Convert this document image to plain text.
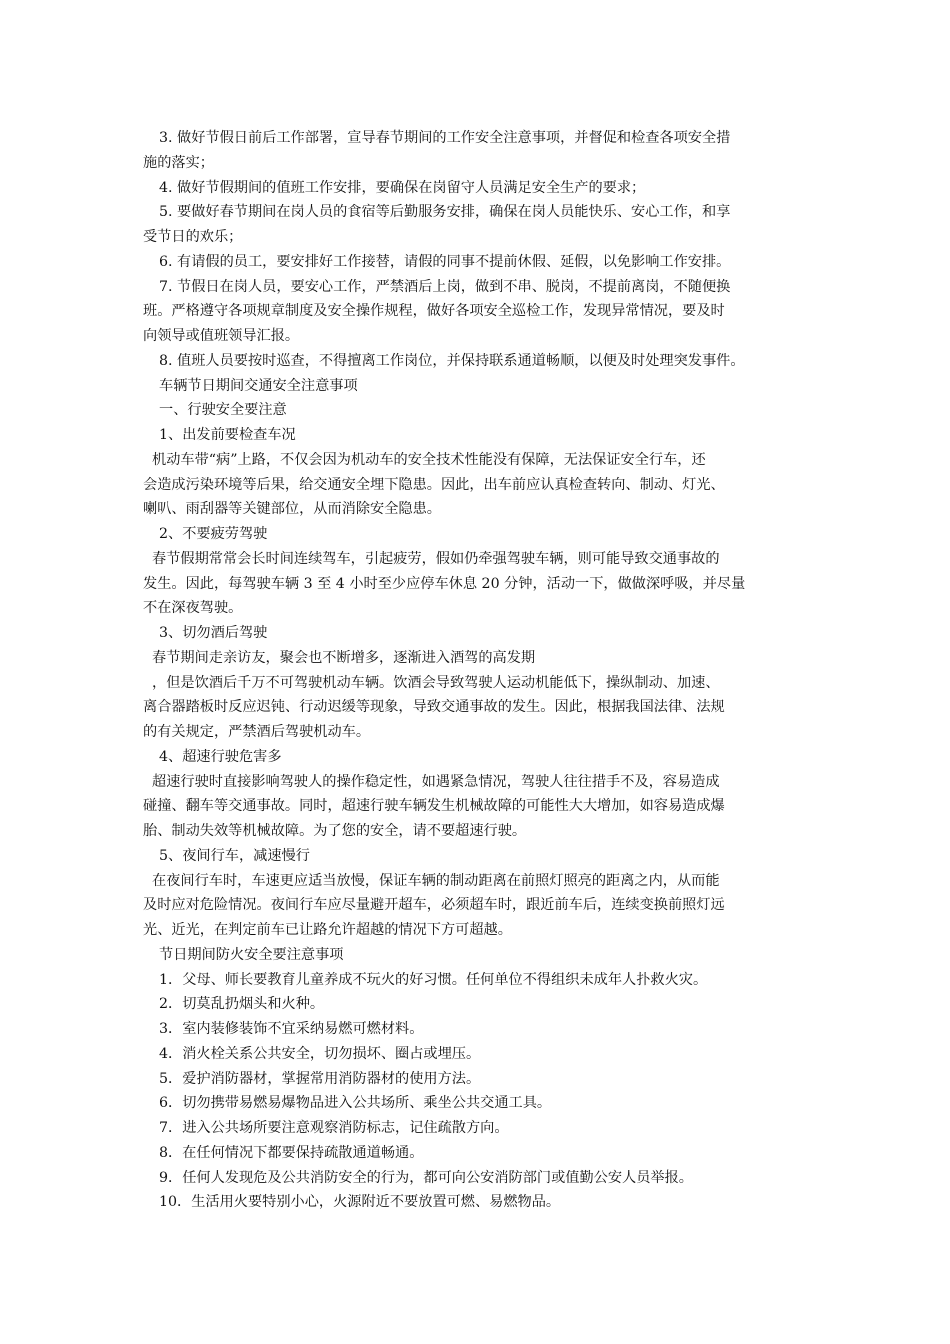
3. 做好节假日前后工作部署，宣导春节期间的工作安全注意事项，并督促和检查各项安全措
施的落实；
4. 做好节假期间的值班工作安排，要确保在岗留守人员满足安全生产的要求；
5. 要做好春节期间在岗人员的食宿等后勤服务安排，确保在岗人员能快乐、安心工作，和享
受节日的欢乐；
6. 有请假的员工，要安排好工作接替，请假的同事不提前休假、延假，以免影响工作安排。
7. 节假日在岗人员，要安心工作，严禁酒后上岗，做到不串、脱岗，不提前离岗，不随便换
班。严格遵守各项规章制度及安全操作规程，做好各项安全巡检工作，发现异常情况，要及时
向领导或值班领导汇报。
8. 值班人员要按时巡查，不得擅离工作岗位，并保持联系通道畅顺，以便及时处理突发事件。
车辆节日期间交通安全注意事项
一、行驶安全要注意
1、出发前要检查车况
机动车带“病”上路，不仅会因为机动车的安全技术性能没有保障，无法保证安全行车，还
会造成污染环境等后果，给交通安全埋下隐患。因此，出车前应认真检查转向、制动、灯光、
喇叭、雨刮器等关键部位，从而消除安全隐患。
2、不要疲劳驾驶
春节假期常常会长时间连续驾车，引起疲劳，假如仍牵强驾驶车辆，则可能导致交通事故的
发生。因此，每驾驶车辆 3 至 4 小时至少应停车休息 20 分钟，活动一下，做做深呼吸，并尽量
不在深夜驾驶。
3、切勿酒后驾驶
春节期间走亲访友，聚会也不断增多，逐渐进入酒驾的高发期
，但是饮酒后千万不可驾驶机动车辆。饮酒会导致驾驶人运动机能低下，操纵制动、加速、
离合器踏板时反应迟钝、行动迟缓等现象，导致交通事故的发生。因此，根据我国法律、法规
的有关规定，严禁酒后驾驶机动车。
4、超速行驶危害多
超速行驶时直接影响驾驶人的操作稳定性，如遇紧急情况，驾驶人往往措手不及，容易造成
碰撞、翻车等交通事故。同时，超速行驶车辆发生机械故障的可能性大大增加，如容易造成爆
胎、制动失效等机械故障。为了您的安全，请不要超速行驶。
5、夜间行车，减速慢行
在夜间行车时，车速更应适当放慢，保证车辆的制动距离在前照灯照亮的距离之内，从而能
及时应对危险情况。夜间行车应尽量避开超车，必须超车时，跟近前车后，连续变换前照灯远
光、近光，在判定前车已让路允许超越的情况下方可超越。
节日期间防火安全要注意事项
1．父母、师长要教育儿童养成不玩火的好习惯。任何单位不得组织未成年人扑救火灾。
2．切莫乱扔烟头和火种。
3．室内装修装饰不宜采纳易燃可燃材料。
4．消火栓关系公共安全，切勿损坏、圈占或埋压。
5．爱护消防器材，掌握常用消防器材的使用方法。
6．切勿携带易燃易爆物品进入公共场所、乘坐公共交通工具。
7．进入公共场所要注意观察消防标志，记住疏散方向。
8．在任何情况下都要保持疏散通道畅通。
9．任何人发现危及公共消防安全的行为，都可向公安消防部门或值勤公安人员举报。
10．生活用火要特别小心，火源附近不要放置可燃、易燃物品。
